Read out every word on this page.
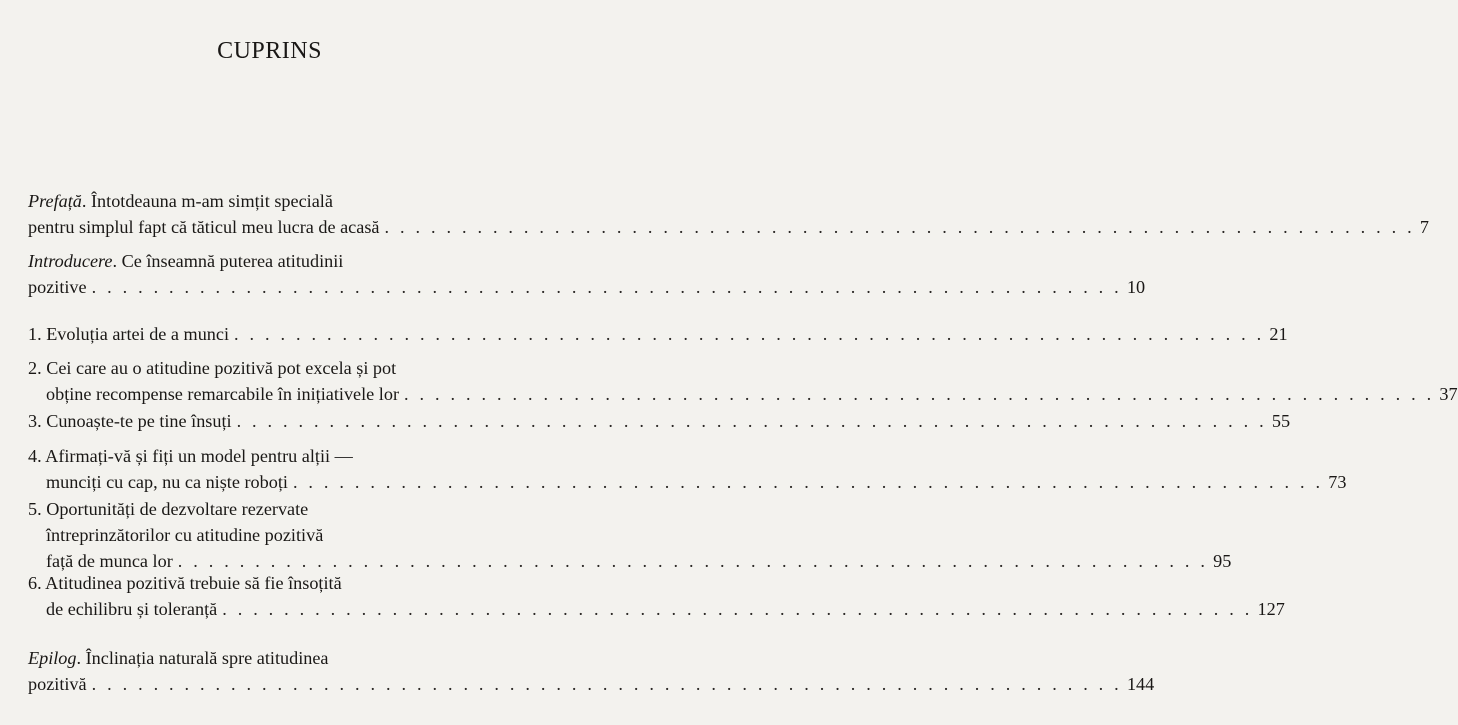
CUPRINS
Prefață. Întotdeauna m-am simțit specială
pentru simplul fapt că tăticul meu lucra de acasă . . . . . . . . . . . . . . . . . . . . . . . . . . . . . . . . . . . . . . . . . . . . . . . . . . . . . . . . . . . . . . . . . . . 7
Introducere. Ce înseamnă puterea atitudinii
pozitive . . . . . . . . . . . . . . . . . . . . . . . . . . . . . . . . . . . . . . . . . . . . . . . . . . . . . . . . . . . . . . . . . . . 10
1. Evoluția artei de a munci . . . . . . . . . . . . . . . . . . . . . . . . . . . . . . . . . . . . . . . . . . . . . . . . . . . . . . . . . . . . . . . . . . . 21
2. Cei care au o atitudine pozitivă pot excela și pot
obține recompense remarcabile în inițiativele lor . . . . . . . . . . . . . . . . . . . . . . . . . . . . . . . . . . . . . . . . . . . . . . . . . . . . . . . . . . . . . . . . . . . 37
3. Cunoaște-te pe tine însuți . . . . . . . . . . . . . . . . . . . . . . . . . . . . . . . . . . . . . . . . . . . . . . . . . . . . . . . . . . . . . . . . . . . 55
4. Afirmați-vă și fiți un model pentru alții —
munciți cu cap, nu ca niște roboți . . . . . . . . . . . . . . . . . . . . . . . . . . . . . . . . . . . . . . . . . . . . . . . . . . . . . . . . . . . . . . . . . . . 73
5. Oportunități de dezvoltare rezervate
întreprinzătorilor cu atitudine pozitivă
față de munca lor . . . . . . . . . . . . . . . . . . . . . . . . . . . . . . . . . . . . . . . . . . . . . . . . . . . . . . . . . . . . . . . . . . . 95
6. Atitudinea pozitivă trebuie să fie însoțită
de echilibru și toleranță . . . . . . . . . . . . . . . . . . . . . . . . . . . . . . . . . . . . . . . . . . . . . . . . . . . . . . . . . . . . . . . . . . . 127
Epilog. Înclinația naturală spre atitudinea
pozitivă . . . . . . . . . . . . . . . . . . . . . . . . . . . . . . . . . . . . . . . . . . . . . . . . . . . . . . . . . . . . . . . . . . . 144
